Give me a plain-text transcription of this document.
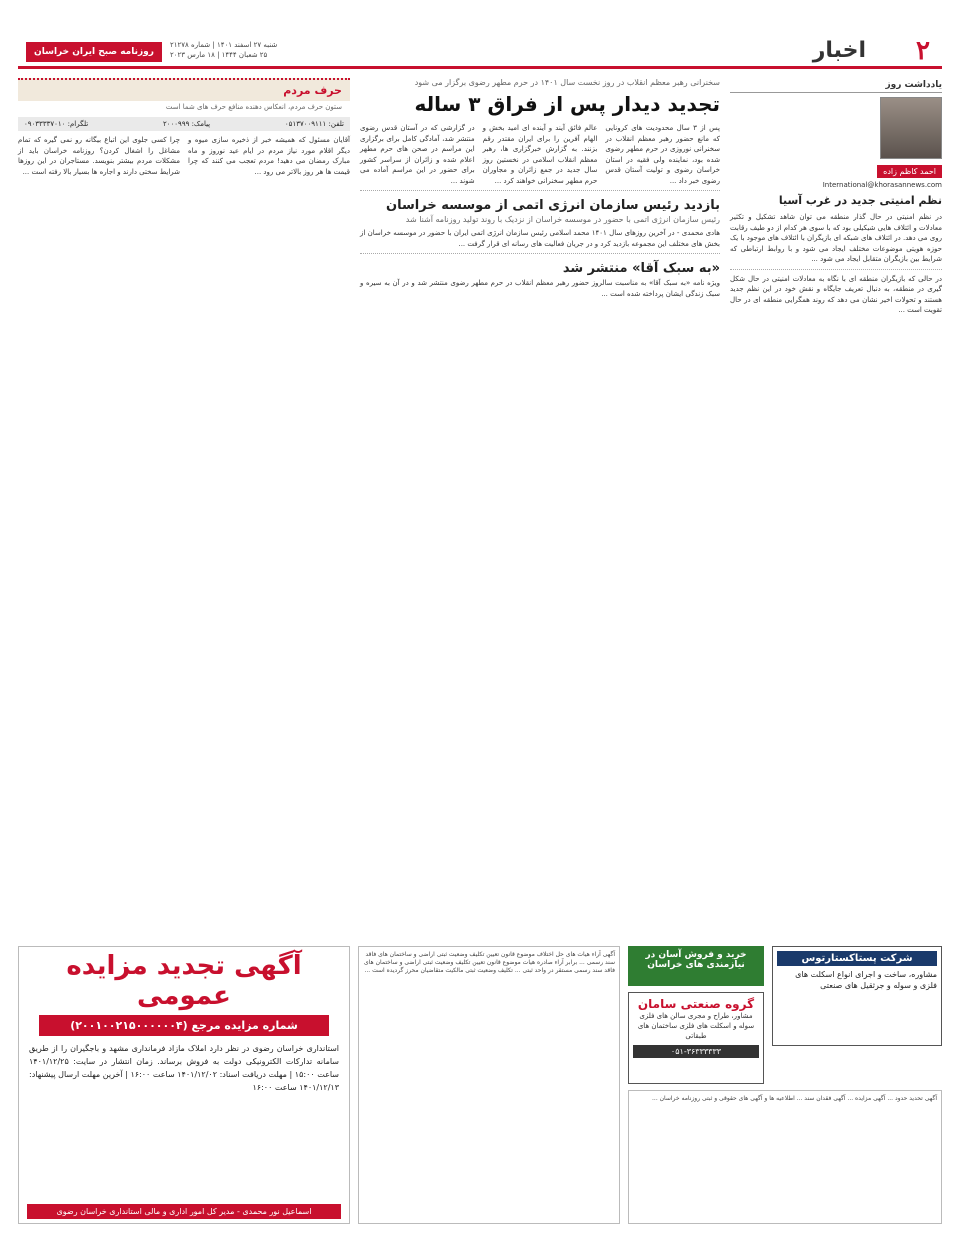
۲
اخبار
روزنامه صبح ایران خراسان
شنبه ۲۷ اسفند ۱۴۰۱ | شماره ۲۱۲۷۸
۲۵ شعبان ۱۴۴۴ | ۱۸ مارس ۲۰۲۳
یادداشت روز
احمد کاظم زاده
International@khorasannews.com
نظم امنیتی جدید در غرب آسیا
در نظم امنیتی در حال گذار منطقه می توان شاهد تشکیل و تکثیر معادلات و ائتلاف هایی شیکیلی بود که با سوی هر کدام از دو طیف رقابت روی می دهد. در ائتلاف های شبکه ای بازیگران با ائتلاف های موجود با یک حوزه هویتی موضوعات مختلف ایجاد می شود و با روابط ارتباطی که شرایط بین بازیگران متقابل ایجاد می شود ...
در حالی که بازیگران منطقه ای با نگاه به معادلات امنیتی در حال شکل گیری در منطقه، به دنبال تعریف جایگاه و نقش خود در این نظم جدید هستند و تحولات اخیر نشان می دهد که روند همگرایی منطقه ای در حال تقویت است ...
سخنرانی رهبر معظم انقلاب در روز نخست سال ۱۴۰۱ در حرم مطهر رضوی برگزار می شود
تجدید دیدار پس از فراق ۳ ساله
پس از ۳ سال محدودیت های کرونایی که مانع حضور رهبر معظم انقلاب در سخنرانی نوروزی در حرم مطهر رضوی شده بود، نماینده ولی فقیه در استان خراسان رضوی و تولیت آستان قدس رضوی خبر داد ...
عالم فائق آیند و آینده ای امید بخش و الهام آفرین را برای ایران مقتدر رقم بزنند. به گزارش خبرگزاری ها، رهبر معظم انقلاب اسلامی در نخستین روز سال جدید در جمع زائران و مجاوران حرم مطهر سخنرانی خواهند کرد ...
در گزارشی که در آستان قدس رضوی منتشر شد، آمادگی کامل برای برگزاری این مراسم در صحن های حرم مطهر اعلام شده و زائران از سراسر کشور برای حضور در این مراسم آماده می شوند ...
بازدید رئیس سازمان انرژی اتمی از موسسه خراسان
رئیس سازمان انرژی اتمی با حضور در موسسه خراسان از نزدیک با روند تولید روزنامه آشنا شد
هادی محمدی - در آخرین روزهای سال ۱۴۰۱ محمد اسلامی رئیس سازمان انرژی اتمی ایران با حضور در موسسه خراسان از بخش های مختلف این مجموعه بازدید کرد و در جریان فعالیت های رسانه ای قرار گرفت ...
«به سبک آقا» منتشر شد
ویژه نامه «به سبک آقا» به مناسبت سالروز حضور رهبر معظم انقلاب در حرم مطهر رضوی منتشر شد و در آن به سیره و سبک زندگی ایشان پرداخته شده است ...
حرف مردم
ستون حرف مردم، انعکاس دهنده منافع حرف های شما است
تلفن: ۰۵۱۳۷۰۰۹۱۱۱
پیامک: ۲۰۰۰۹۹۹
تلگرام: ۰۹۰۳۳۳۳۷۰۱۰
آقایان مسئول که همیشه خبر از ذخیره سازی میوه و دیگر اقلام مورد نیاز مردم در ایام عید نوروز و ماه مبارک رمضان می دهید! مردم تعجب می کنند که چرا قیمت ها هر روز بالاتر می رود ...
چرا کسی جلوی این اتباع بیگانه رو نمی گیره که تمام مشاغل را اشغال کردن؟ روزنامه خراسان باید از مشکلات مردم بیشتر بنویسد. مستاجران در این روزها شرایط سختی دارند و اجاره ها بسیار بالا رفته است ...
آگهی تجدید مزایده عمومی
شماره مزایده مرجع (۲۰۰۱۰۰۲۱۵۰۰۰۰۰۰۴)
استانداری خراسان رضوی در نظر دارد املاک مازاد فرمانداری مشهد و باجگیران را از طریق سامانه تدارکات الکترونیکی دولت به فروش برساند. زمان انتشار در سایت: ۱۴۰۱/۱۲/۲۵ ساعت ۱۵:۰۰ | مهلت دریافت اسناد: ۱۴۰۱/۱۲/۰۲ ساعت ۱۶:۰۰ | آخرین مهلت ارسال پیشنهاد: ۱۴۰۱/۱۲/۱۳ ساعت ۱۶:۰۰
اسماعیل نور محمدی - مدیر کل امور اداری و مالی استانداری خراسان رضوی
آگهی آراء هیات های حل اختلاف موضوع قانون تعیین تکلیف وضعیت ثبتی اراضی و ساختمان های فاقد سند رسمی ... برابر آراء صادره هیات موضوع قانون تعیین تکلیف وضعیت ثبتی اراضی و ساختمان های فاقد سند رسمی مستقر در واحد ثبتی ... تکلیف وضعیت ثبتی مالکیت متقاضیان محرز گردیده است ...
خرید و فروش آسان در نیازمندی های خراسان
گروه صنعتی سامان
مشاور، طراح و مجری سالن های فلزی سوله و اسکلت های فلزی ساختمان های طبقاتی
۰۵۱-۳۶۳۳۳۳۳۳
شرکت پستاکستارتوس
مشاوره، ساخت و اجرای انواع اسکلت های فلزی و سوله و جرثقیل های صنعتی
آگهی تحدید حدود ... آگهی مزایده ... آگهی فقدان سند ... اطلاعیه ها و آگهی های حقوقی و ثبتی روزنامه خراسان ...
